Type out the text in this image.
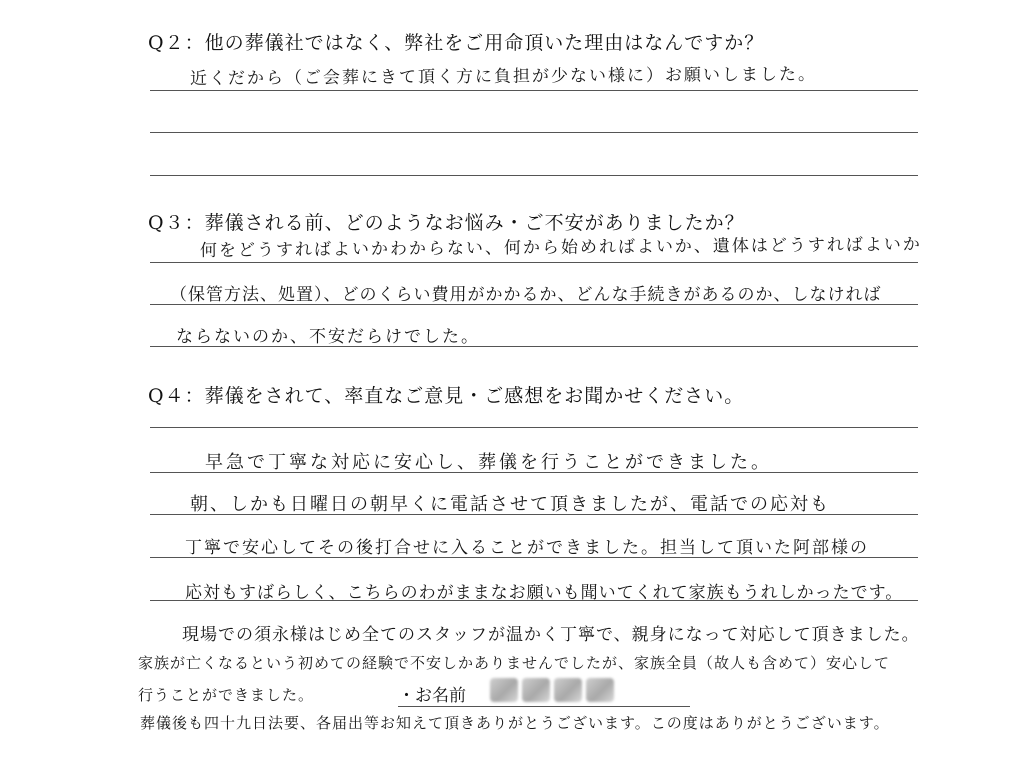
Q２：他の葬儀社ではなく、弊社をご用命頂いた理由はなんですか？
近くだから（ご会葬にきて頂く方に負担が少ない様に）お願いしました。
Q３：葬儀される前、どのようなお悩み・ご不安がありましたか？
何をどうすればよいかわからない、何から始めればよいか、遺体はどうすればよいか
（保管方法、処置）、どのくらい費用がかかるか、どんな手続きがあるのか、しなければ
ならないのか、不安だらけでした。
Q４：葬儀をされて、率直なご意見・ご感想をお聞かせください。
早急で丁寧な対応に安心し、葬儀を行うことができました。
朝、しかも日曜日の朝早くに電話させて頂きましたが、電話での応対も
丁寧で安心してその後打合せに入ることができました。担当して頂いた阿部様の
応対もすばらしく、こちらのわがままなお願いも聞いてくれて家族もうれしかったです。
現場での須永様はじめ全てのスタッフが温かく丁寧で、親身になって対応して頂きました。
家族が亡くなるという初めての経験で不安しかありませんでしたが、家族全員（故人も含めて）安心して
行うことができました。	・お名前
葬儀後も四十九日法要、各届出等お知えて頂きありがとうございます。この度はありがとうございます。
